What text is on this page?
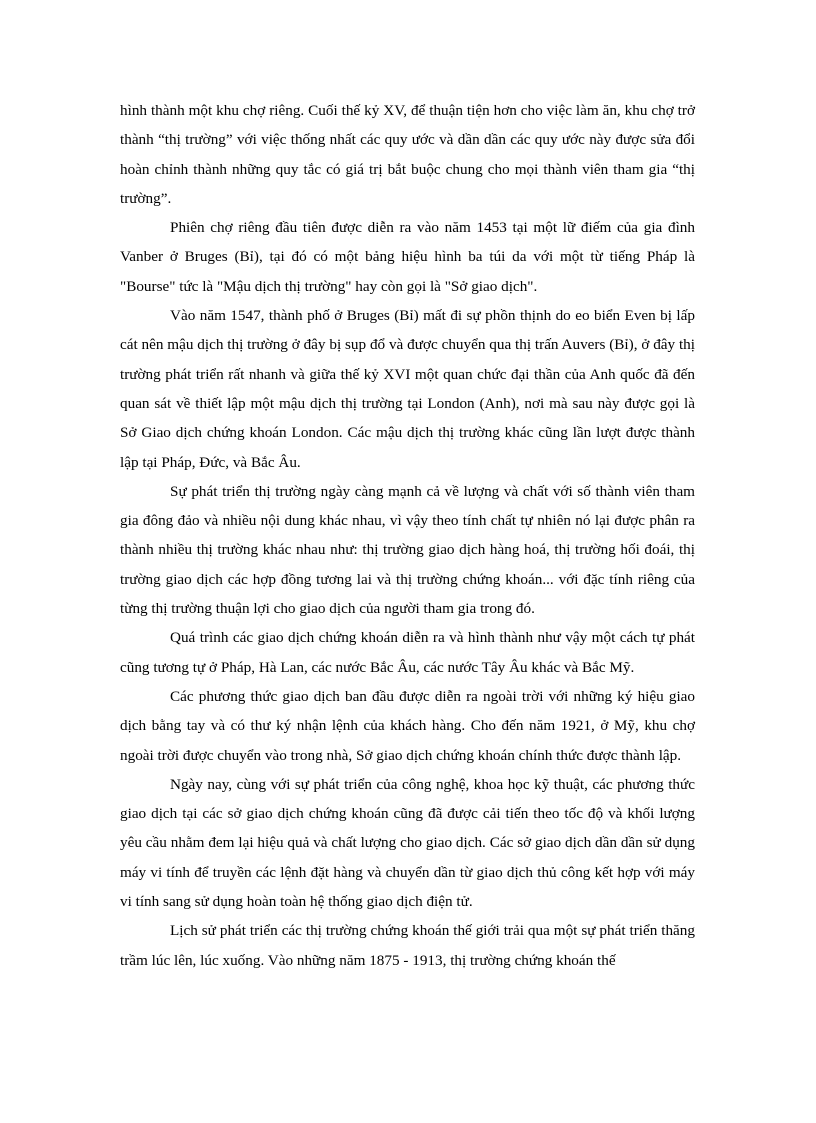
hình thành một khu chợ riêng. Cuối thế kỷ XV, để thuận tiện hơn cho việc làm ăn, khu chợ trở thành “thị trường” với việc thống nhất các quy ước và dần dần các quy ước này được sửa đổi hoàn chỉnh thành những quy tắc có giá trị bắt buộc chung cho mọi thành viên tham gia “thị trường”.

Phiên chợ riêng đầu tiên được diễn ra vào năm 1453 tại một lữ điếm của gia đình Vanber ở Bruges (Bỉ), tại đó có một bảng hiệu hình ba túi da với một từ tiếng Pháp là "Bourse" tức là "Mậu dịch thị trường" hay còn gọi là "Sở giao dịch".

Vào năm 1547, thành phố ở Bruges (Bỉ) mất đi sự phồn thịnh do eo biển Even bị lấp cát nên mậu dịch thị trường ở đây bị sụp đổ và được chuyển qua thị trấn Auvers (Bỉ), ở đây thị trường phát triển rất nhanh và giữa thế kỷ XVI một quan chức đại thần của Anh quốc đã đến quan sát về thiết lập một mậu dịch thị trường tại London (Anh), nơi mà sau này được gọi là Sở Giao dịch chứng khoán London. Các mậu dịch thị trường khác cũng lần lượt được thành lập tại Pháp, Đức, và Bắc Âu.

Sự phát triển thị trường ngày càng mạnh cả về lượng và chất với số thành viên tham gia đông đảo và nhiều nội dung khác nhau, vì vậy theo tính chất tự nhiên nó lại được phân ra thành nhiều thị trường khác nhau như: thị trường giao dịch hàng hoá, thị trường hối đoái, thị trường giao dịch các hợp đồng tương lai và thị trường chứng khoán... với đặc tính riêng của từng thị trường thuận lợi cho giao dịch của người tham gia trong đó.

Quá trình các giao dịch chứng khoán diễn ra và hình thành như vậy một cách tự phát cũng tương tự ở Pháp, Hà Lan, các nước Bắc Âu, các nước Tây Âu khác và Bắc Mỹ.

Các phương thức giao dịch ban đầu được diễn ra ngoài trời với những ký hiệu giao dịch bằng tay và có thư ký nhận lệnh của khách hàng. Cho đến năm 1921, ở Mỹ, khu chợ ngoài trời được chuyển vào trong nhà, Sở giao dịch chứng khoán chính thức được thành lập.

Ngày nay, cùng với sự phát triển của công nghệ, khoa học kỹ thuật, các phương thức giao dịch tại các sở giao dịch chứng khoán cũng đã được cải tiến theo tốc độ và khối lượng yêu cầu nhằm đem lại hiệu quả và chất lượng cho giao dịch. Các sở giao dịch dần dần sử dụng máy vi tính để truyền các lệnh đặt hàng và chuyển dần từ giao dịch thủ công kết hợp với máy vi tính sang sử dụng hoàn toàn hệ thống giao dịch điện tử.

Lịch sử phát triển các thị trường chứng khoán thế giới trải qua một sự phát triển thăng trầm lúc lên, lúc xuống. Vào những năm 1875 - 1913, thị trường chứng khoán thế
